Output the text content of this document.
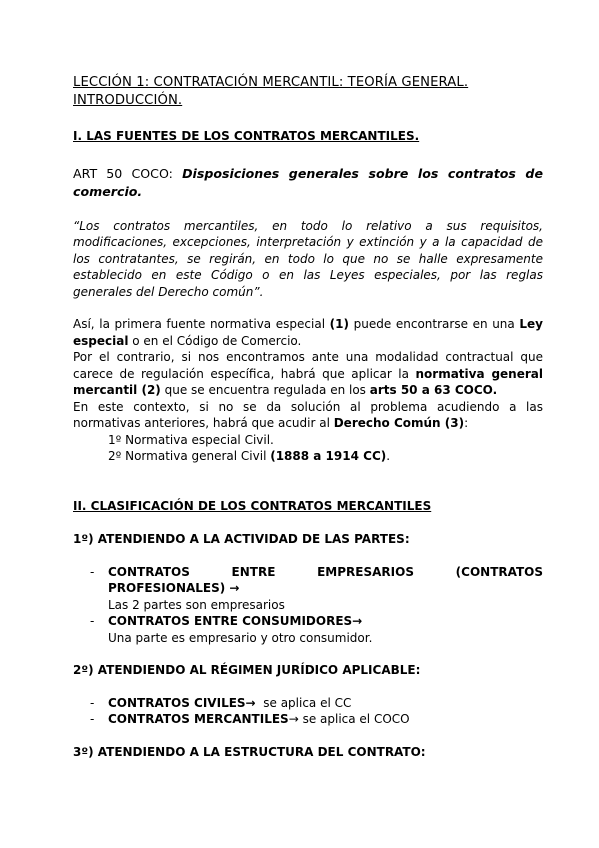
LECCIÓN 1: CONTRATACIÓN MERCANTIL: TEORÍA GENERAL. INTRODUCCIÓN.

I. LAS FUENTES DE LOS CONTRATOS MERCANTILES.

ART 50 COCO: Disposiciones generales sobre los contratos de comercio.

“Los contratos mercantiles, en todo lo relativo a sus requisitos, modificaciones, excepciones, interpretación y extinción y a la capacidad de los contratantes, se regirán, en todo lo que no se halle expresamente establecido en este Código o en las Leyes especiales, por las reglas generales del Derecho común”.

Así, la primera fuente normativa especial (1) puede encontrarse en una Ley especial o en el Código de Comercio.

Por el contrario, si nos encontramos ante una modalidad contractual que carece de regulación específica, habrá que aplicar la normativa general mercantil (2) que se encuentra regulada en los arts 50 a 63 COCO.

En este contexto, si no se da solución al problema acudiendo a las normativas anteriores, habrá que acudir al Derecho Común (3):

1º Normativa especial Civil.

2º Normativa general Civil (1888 a 1914 CC).

II. CLASIFICACIÓN DE LOS CONTRATOS MERCANTILES

1º) ATENDIENDO A LA ACTIVIDAD DE LAS PARTES:

- CONTRATOS ENTRE EMPRESARIOS (CONTRATOS
PROFESIONALES) →
Las 2 partes son empresarios
- CONTRATOS ENTRE CONSUMIDORES→
Una parte es empresario y otro consumidor.

2º) ATENDIENDO AL RÉGIMEN JURÍDICO APLICABLE:

- CONTRATOS CIVILES→  se aplica el CC
- CONTRATOS MERCANTILES→ se aplica el COCO

3º) ATENDIENDO A LA ESTRUCTURA DEL CONTRATO:
